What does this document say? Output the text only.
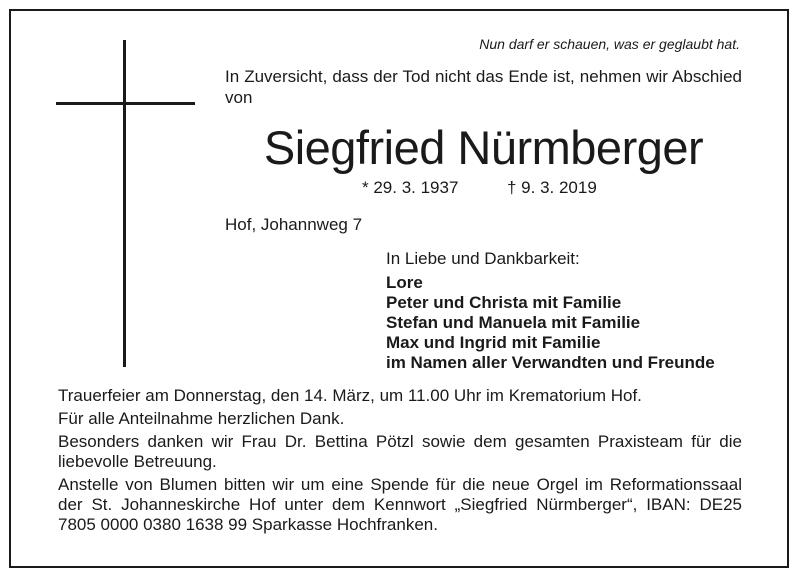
Nun darf er schauen, was er geglaubt hat.
In Zuversicht, dass der Tod nicht das Ende ist, nehmen wir Abschied von
Siegfried Nürmberger
* 29. 3. 1937	† 9. 3. 2019
Hof, Johannweg 7
In Liebe und Dankbarkeit:
Lore
Peter und Christa mit Familie
Stefan und Manuela mit Familie
Max und Ingrid mit Familie
im Namen aller Verwandten und Freunde

Trauerfeier am Donnerstag, den 14. März, um 11.00 Uhr im Krematorium Hof.

Für alle Anteilnahme herzlichen Dank.

Besonders danken wir Frau Dr. Bettina Pötzl sowie dem gesamten Praxisteam für die liebevolle Betreuung.

Anstelle von Blumen bitten wir um eine Spende für die neue Orgel im Reformationssaal der St. Johanneskirche Hof unter dem Kennwort „Siegfried Nürmberger“, IBAN: DE25 7805 0000 0380 1638 99 Sparkasse Hochfranken.
